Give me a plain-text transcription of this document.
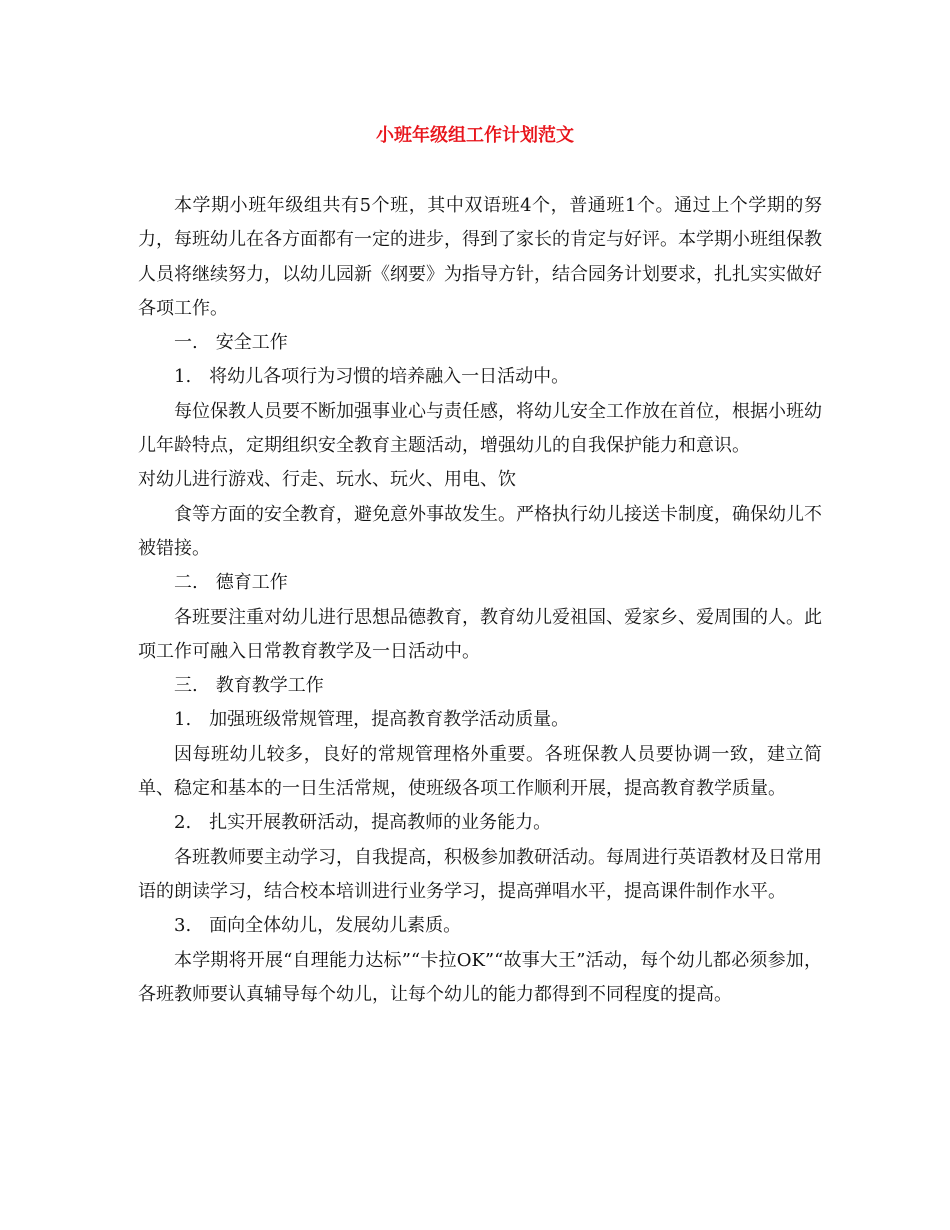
小班年级组工作计划范文

本学期小班年级组共有5个班，其中双语班4个，普通班1个。通过上个学期的努力，每班幼儿在各方面都有一定的进步，得到了家长的肯定与好评。本学期小班组保教人员将继续努力，以幼儿园新《纲要》为指导方针，结合园务计划要求，扎扎实实做好各项工作。

一.　安全工作

1.　将幼儿各项行为习惯的培养融入一日活动中。

每位保教人员要不断加强事业心与责任感，将幼儿安全工作放在首位，根据小班幼儿年龄特点，定期组织安全教育主题活动，增强幼儿的自我保护能力和意识。

对幼儿进行游戏、行走、玩水、玩火、用电、饮

食等方面的安全教育，避免意外事故发生。严格执行幼儿接送卡制度，确保幼儿不被错接。

二.　德育工作

各班要注重对幼儿进行思想品德教育，教育幼儿爱祖国、爱家乡、爱周围的人。此项工作可融入日常教育教学及一日活动中。

三.　教育教学工作

1.　加强班级常规管理，提高教育教学活动质量。

因每班幼儿较多，良好的常规管理格外重要。各班保教人员要协调一致，建立简单、稳定和基本的一日生活常规，使班级各项工作顺利开展，提高教育教学质量。

2.　扎实开展教研活动，提高教师的业务能力。

各班教师要主动学习，自我提高，积极参加教研活动。每周进行英语教材及日常用语的朗读学习，结合校本培训进行业务学习，提高弹唱水平，提高课件制作水平。

3.　面向全体幼儿，发展幼儿素质。

本学期将开展“自理能力达标”“卡拉OK”“故事大王”活动，每个幼儿都必须参加，各班教师要认真辅导每个幼儿，让每个幼儿的能力都得到不同程度的提高。
